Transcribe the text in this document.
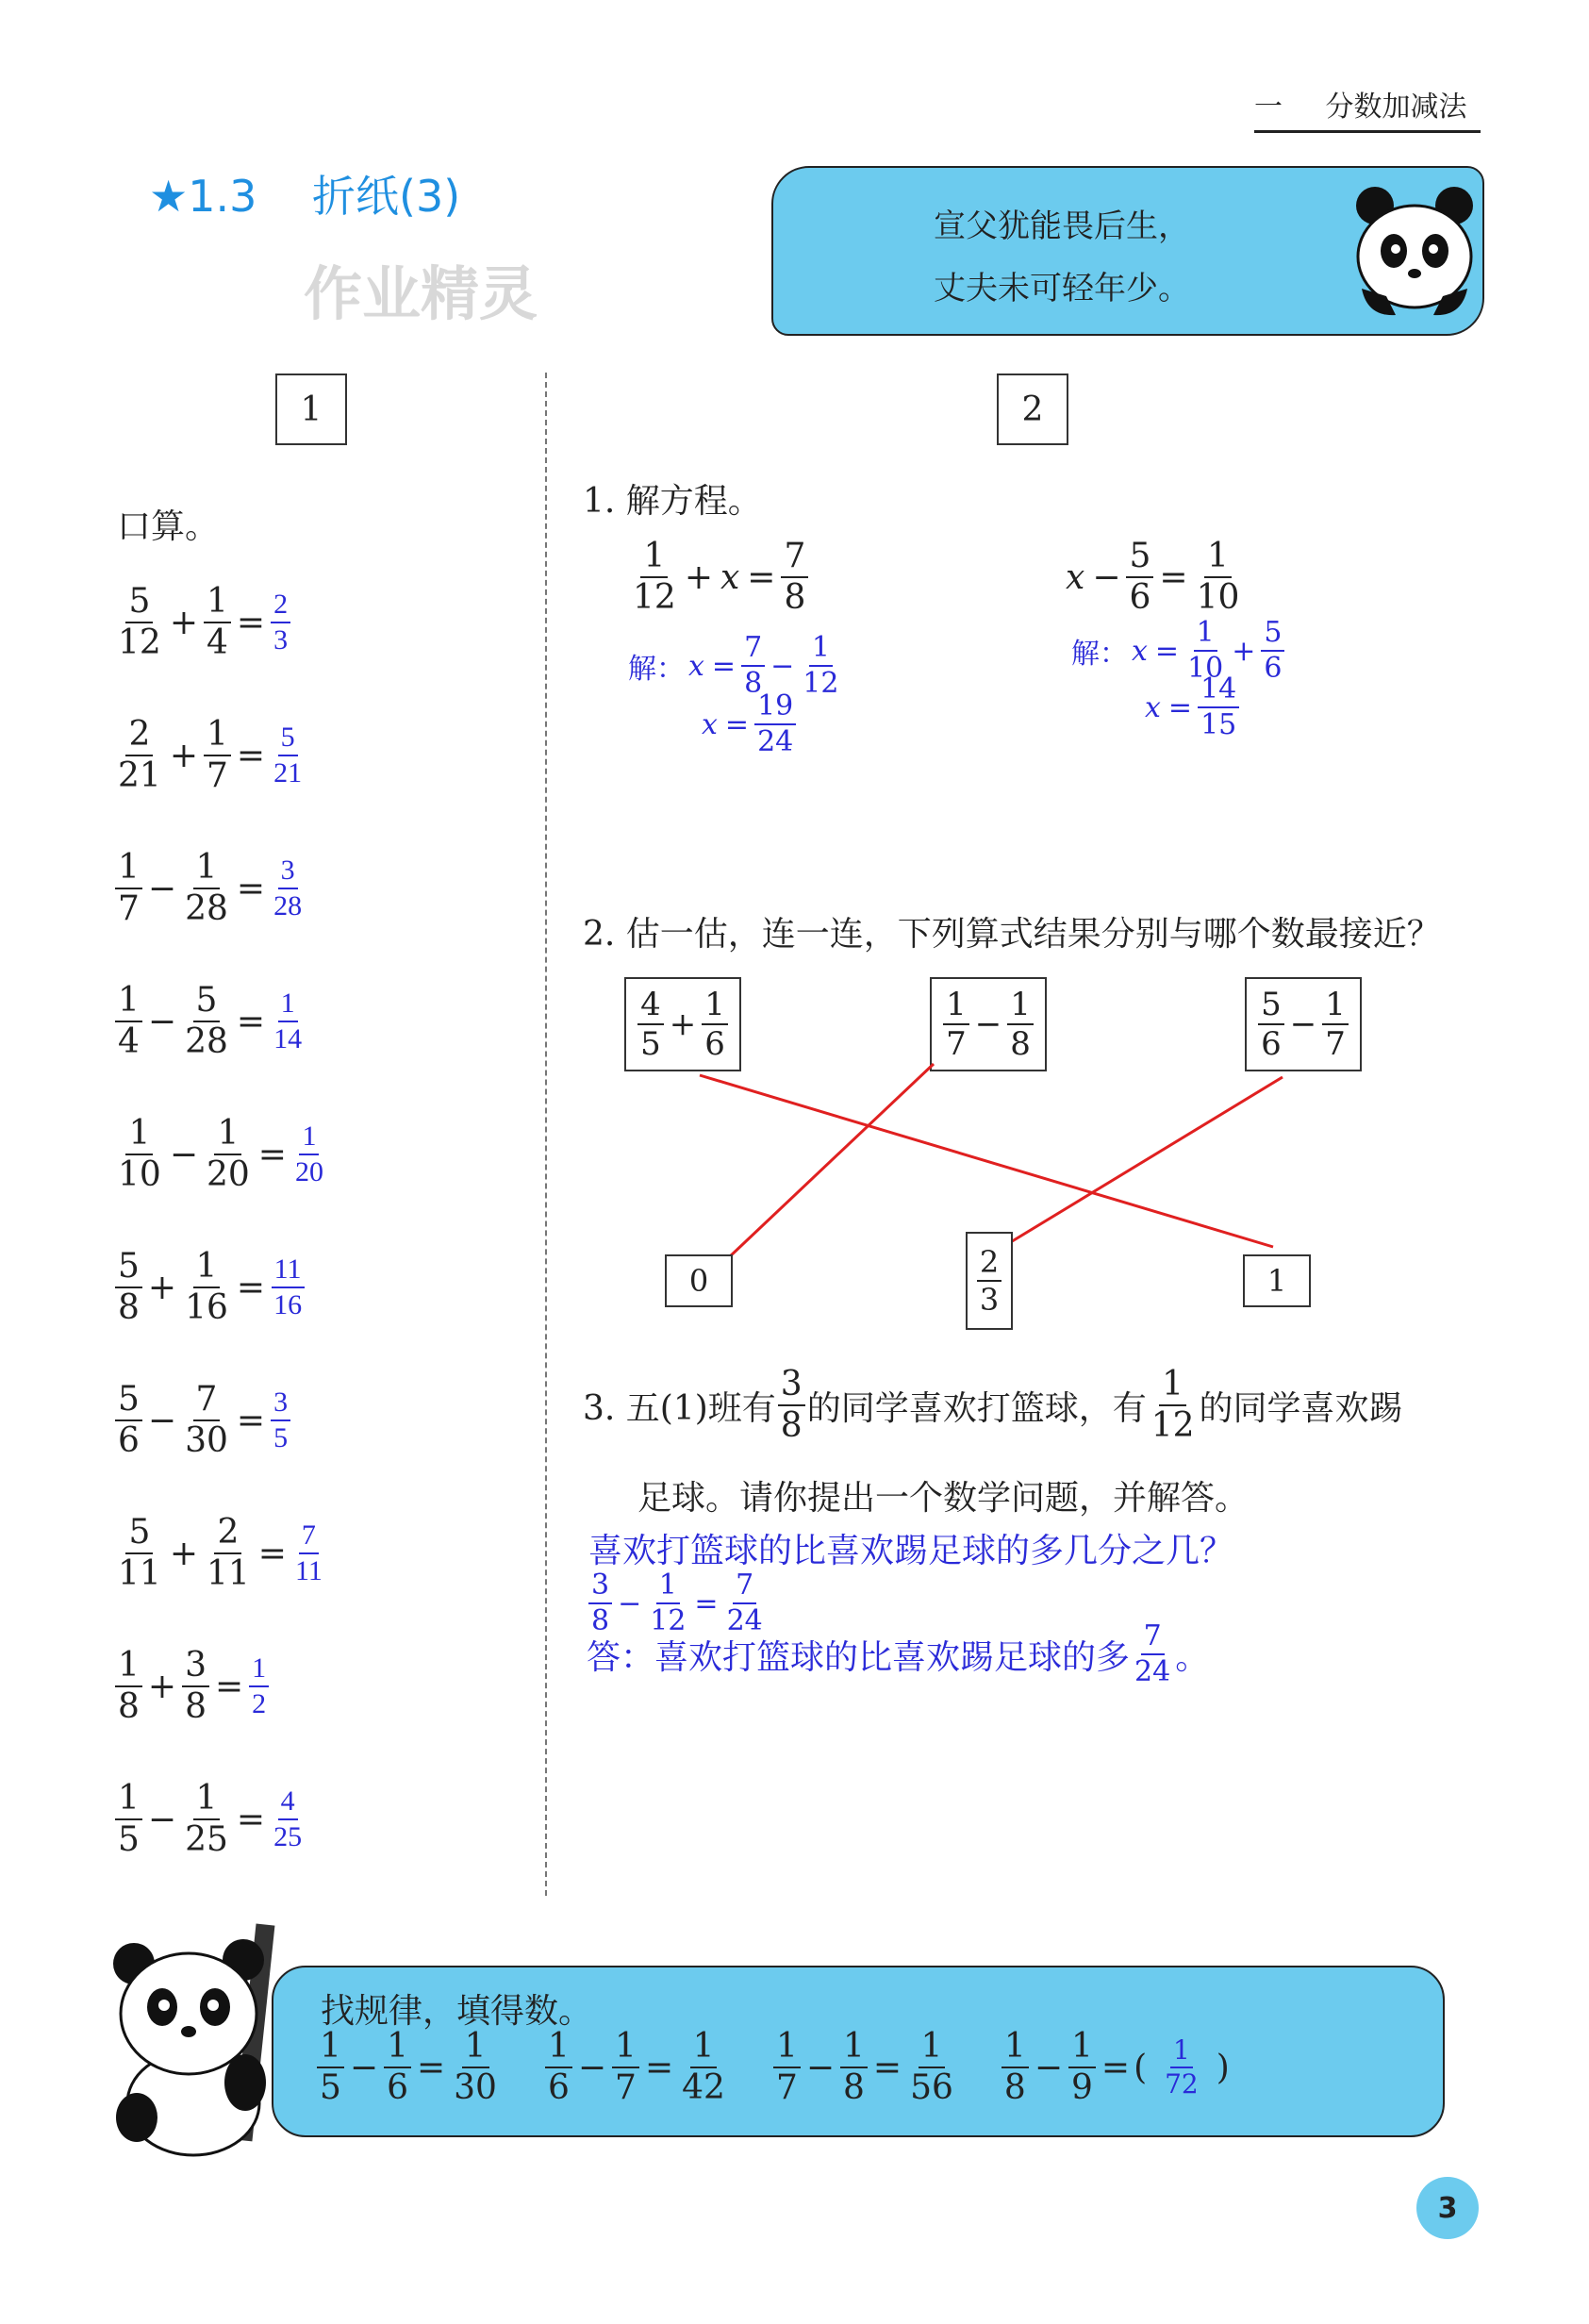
一 分数加减法
★1.3 折纸(3)
作业精灵
宣父犹能畏后生，
丈夫未可轻年少。
1
口算。
$\frac{5}{12} + \frac{1}{4} = \frac{2}{3}$
$\frac{2}{21} + \frac{1}{7} = \frac{5}{21}$
$\frac{1}{7} - \frac{1}{28} = \frac{3}{28}$
$\frac{1}{4} - \frac{5}{28} = \frac{1}{14}$
$\frac{1}{10} - \frac{1}{20} = \frac{1}{20}$
$\frac{5}{8} + \frac{1}{16} = \frac{11}{16}$
$\frac{5}{6} - \frac{7}{30} = \frac{3}{5}$
$\frac{5}{11} + \frac{2}{11} = \frac{7}{11}$
$\frac{1}{8} + \frac{3}{8} = \frac{1}{2}$
$\frac{1}{5} - \frac{1}{25} = \frac{4}{25}$
2
1. 解方程。
$\frac{1}{12} + x = \frac{7}{8}$
解： $x = \frac{7}{8} - \frac{1}{12}$
$x = \frac{19}{24}$
$x - \frac{5}{6} = \frac{1}{10}$
解： $x = \frac{1}{10} + \frac{5}{6}$
$x = \frac{14}{15}$
2. 估一估，连一连，下列算式结果分别与哪个数最接近？
$\frac{4}{5} + \frac{1}{6}$	$\frac{1}{7} - \frac{1}{8}$	$\frac{5}{6} - \frac{1}{7}$
0	$\frac{2}{3}$	1
3. 五(1)班有 $\frac{3}{8}$ 的同学喜欢打篮球，有 $\frac{1}{12}$ 的同学喜欢踢
足球。请你提出一个数学问题，并解答。
喜欢打篮球的比喜欢踢足球的多几分之几？
$\frac{3}{8} - \frac{1}{12} = \frac{7}{24}$
答：喜欢打篮球的比喜欢踢足球的多 $\frac{7}{24}$ 。
找规律，填得数。
$\frac{1}{5} - \frac{1}{6} = \frac{1}{30} \frac{1}{6} - \frac{1}{7} = \frac{1}{42} \frac{1}{7} - \frac{1}{8} = \frac{1}{56} \frac{1}{8} - \frac{1}{9}$ = ( $\frac{1}{72}$ )
3
